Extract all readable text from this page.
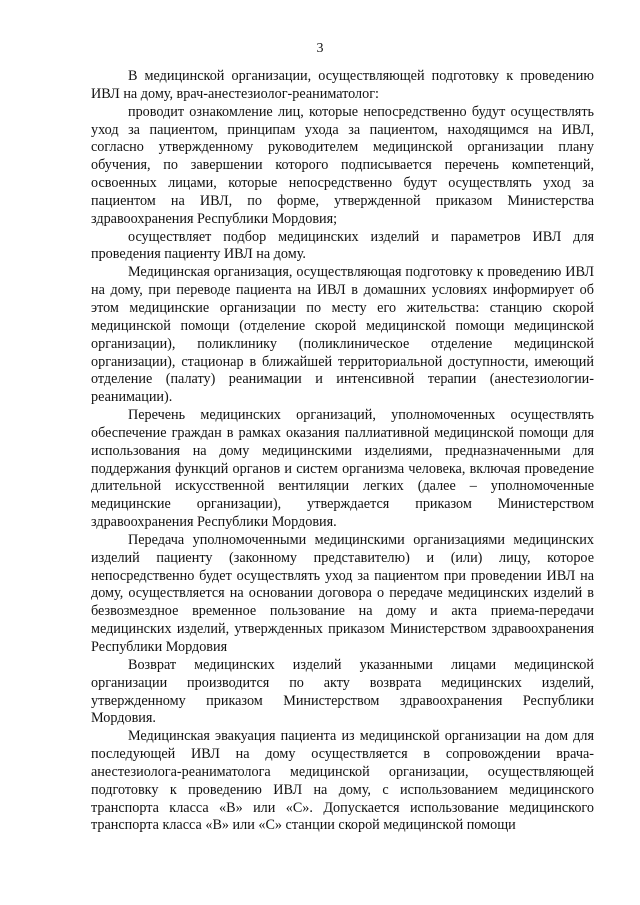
3

В медицинской организации, осуществляющей подготовку к проведению ИВЛ на дому, врач-анестезиолог-реаниматолог:

проводит ознакомление лиц, которые непосредственно будут осуществлять уход за пациентом, принципам ухода за пациентом, находящимся на ИВЛ, согласно утвержденному руководителем медицинской организации плану обучения, по завершении которого подписывается перечень компетенций, освоенных лицами, которые непосредственно будут осуществлять уход за пациентом на ИВЛ, по форме, утвержденной приказом Министерства здравоохранения Республики Мордовия;

осуществляет подбор медицинских изделий и параметров ИВЛ для проведения пациенту ИВЛ на дому.

Медицинская организация, осуществляющая подготовку к проведению ИВЛ на дому, при переводе пациента на ИВЛ в домашних условиях информирует об этом медицинские организации по месту его жительства: станцию скорой медицинской помощи (отделение скорой медицинской помощи медицинской организации), поликлинику (поликлиническое отделение медицинской организации), стационар в ближайшей территориальной доступности, имеющий отделение (палату) реанимации и интенсивной терапии (анестезиологии-реанимации).

Перечень медицинских организаций, уполномоченных осуществлять обеспечение граждан в рамках оказания паллиативной медицинской помощи для использования на дому медицинскими изделиями, предназначенными для поддержания функций органов и систем организма человека, включая проведение длительной искусственной вентиляции легких (далее – уполномоченные медицинские организации), утверждается приказом Министерством здравоохранения Республики Мордовия.

Передача уполномоченными медицинскими организациями медицинских изделий пациенту (законному представителю) и (или) лицу, которое непосредственно будет осуществлять уход за пациентом при проведении ИВЛ на дому, осуществляется на основании договора о передаче медицинских изделий в безвозмездное временное пользование на дому и акта приема-передачи медицинских изделий, утвержденных приказом Министерством здравоохранения Республики Мордовия

Возврат медицинских изделий указанными лицами медицинской организации производится по акту возврата медицинских изделий, утвержденному приказом Министерством здравоохранения Республики Мордовия.

Медицинская эвакуация пациента из медицинской организации на дом для последующей ИВЛ на дому осуществляется в сопровождении врача-анестезиолога-реаниматолога медицинской организации, осуществляющей подготовку к проведению ИВЛ на дому, с использованием медицинского транспорта класса «В» или «С». Допускается использование медицинского транспорта класса «В» или «С» станции скорой медицинской помощи
